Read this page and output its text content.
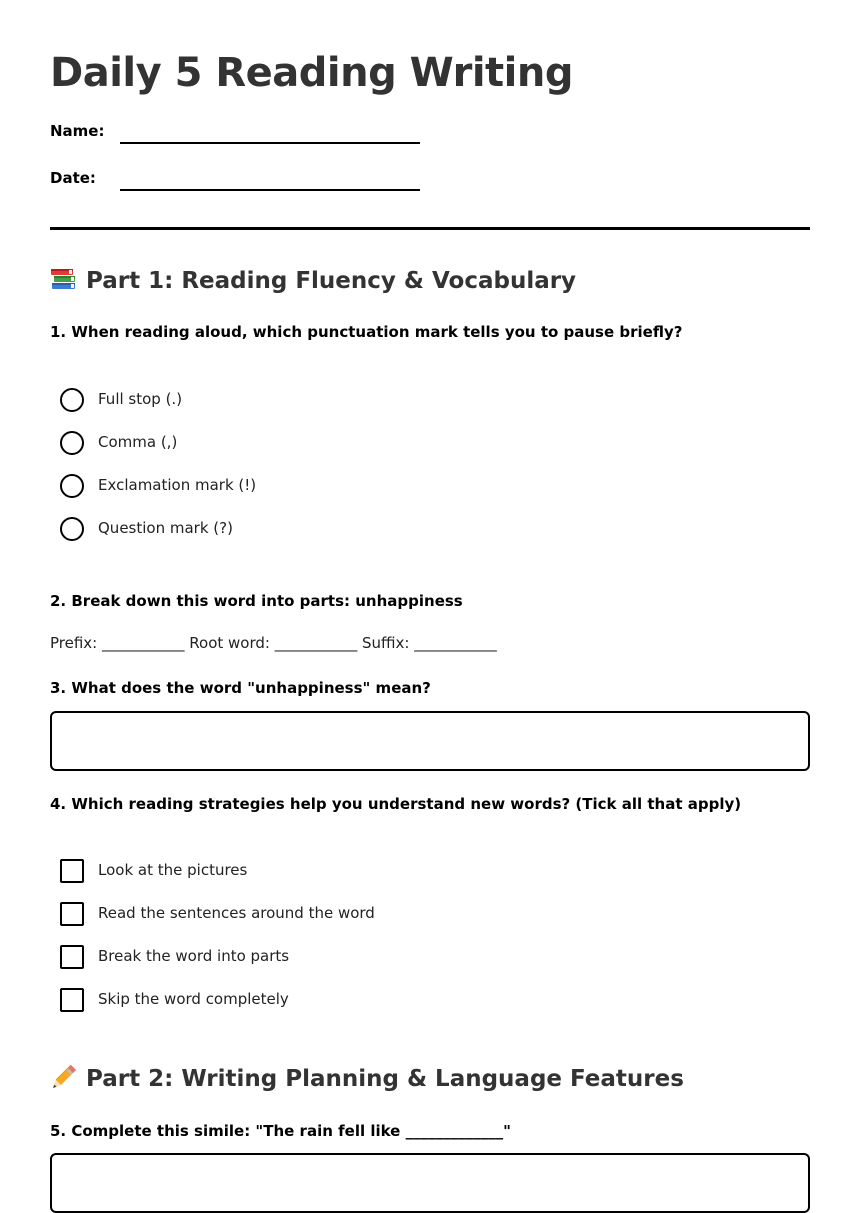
Daily 5 Reading Writing
Name:
Date:
Part 1: Reading Fluency & Vocabulary
1. When reading aloud, which punctuation mark tells you to pause briefly?
Full stop (.)
Comma (,)
Exclamation mark (!)
Question mark (?)
2. Break down this word into parts: unhappiness
Prefix: ___________ Root word: ___________ Suffix: ___________
3. What does the word "unhappiness" mean?
4. Which reading strategies help you understand new words? (Tick all that apply)
Look at the pictures
Read the sentences around the word
Break the word into parts
Skip the word completely
Part 2: Writing Planning & Language Features
5. Complete this simile: "The rain fell like _____________"
